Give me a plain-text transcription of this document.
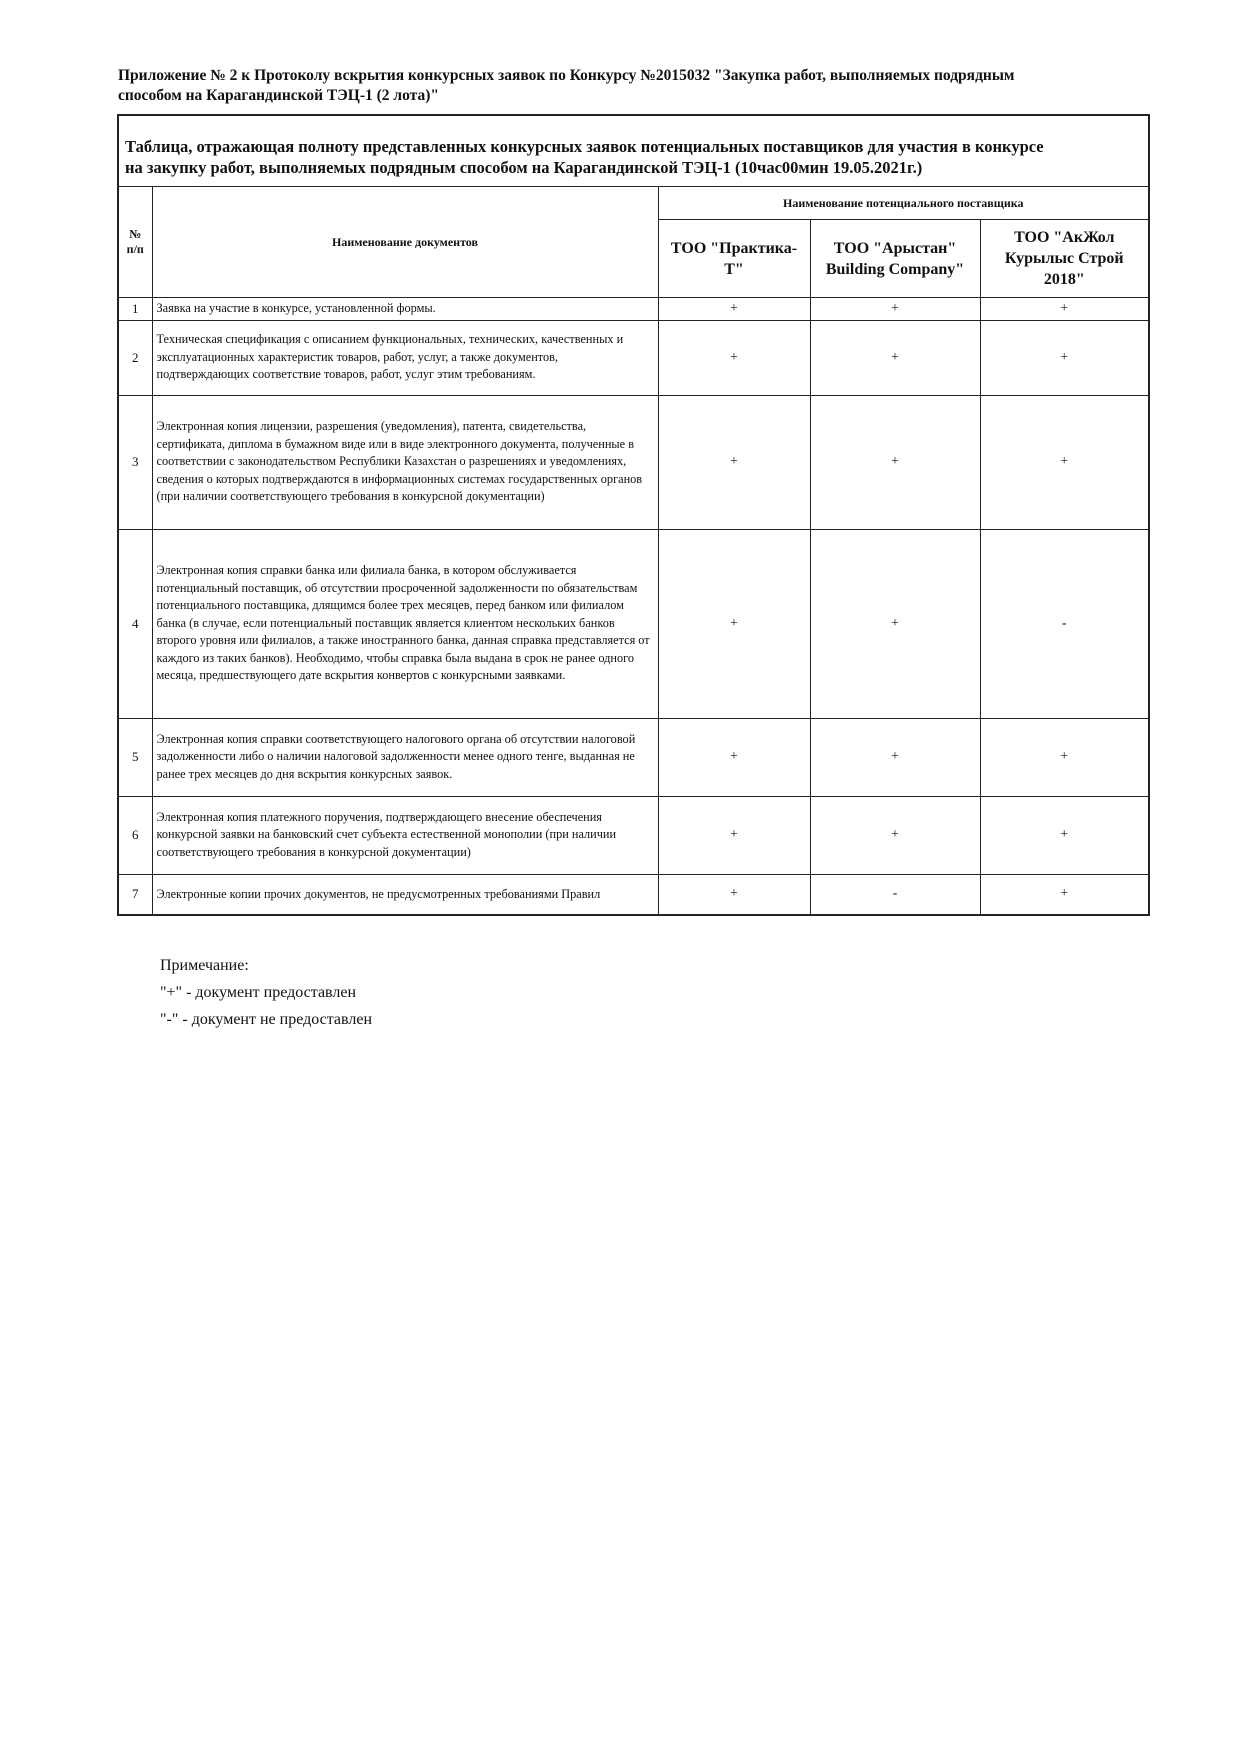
Приложение № 2 к Протоколу вскрытия конкурсных заявок по Конкурсу №2015032 "Закупка работ, выполняемых подрядным
способом на Карагандинской ТЭЦ-1 (2 лота)"
Таблица, отражающая полноту представленных конкурсных заявок потенциальных поставщиков для участия в конкурсе
на закупку работ, выполняемых подрядным способом на Карагандинской ТЭЦ-1 (10час00мин 19.05.2021г.)
№ п/п	Наименование документов	Наименование потенциального поставщика		
		ТОО "Практика-Т"	ТОО "Арыстан" Building Company"	ТОО "АкЖол Курылыс Строй 2018"
1	Заявка на участие в конкурсе, установленной формы.	+	+	+
2	Техническая спецификация с описанием функциональных, технических, качественных и эксплуатационных характеристик товаров, работ, услуг, а также документов, подтверждающих соответствие товаров, работ, услуг этим требованиям.	+	+	+
3	Электронная копия лицензии, разрешения (уведомления), патента, свидетельства, сертификата, диплома в бумажном виде или в виде электронного документа, полученные в соответствии с законодательством Республики Казахстан о разрешениях и уведомлениях, сведения о которых подтверждаются в информационных системах государственных органов (при наличии соответствующего требования в конкурсной документации)	+	+	+
4	Электронная копия справки банка или филиала банка, в котором обслуживается потенциальный поставщик, об отсутствии просроченной задолженности по обязательствам потенциального поставщика, длящимся более трех месяцев, перед банком или филиалом банка (в случае, если потенциальный поставщик является клиентом нескольких банков второго уровня или филиалов, а также иностранного банка, данная справка представляется от каждого из таких банков). Необходимо, чтобы справка была выдана в срок не ранее одного месяца, предшествующего дате вскрытия конвертов с конкурсными заявками.	+	+	-
5	Электронная копия справки соответствующего налогового органа об отсутствии налоговой задолженности либо о наличии налоговой задолженности менее одного тенге, выданная не ранее трех месяцев до дня вскрытия конкурсных заявок.	+	+	+
6	Электронная копия платежного поручения, подтверждающего внесение обеспечения конкурсной заявки на банковский счет субъекта естественной монополии (при наличии соответствующего требования в конкурсной документации)	+	+	+
7	Электронные копии прочих документов, не предусмотренных требованиями Правил	+	-	+
Примечание:
"+" - документ предоставлен
"-" - документ не предоставлен
